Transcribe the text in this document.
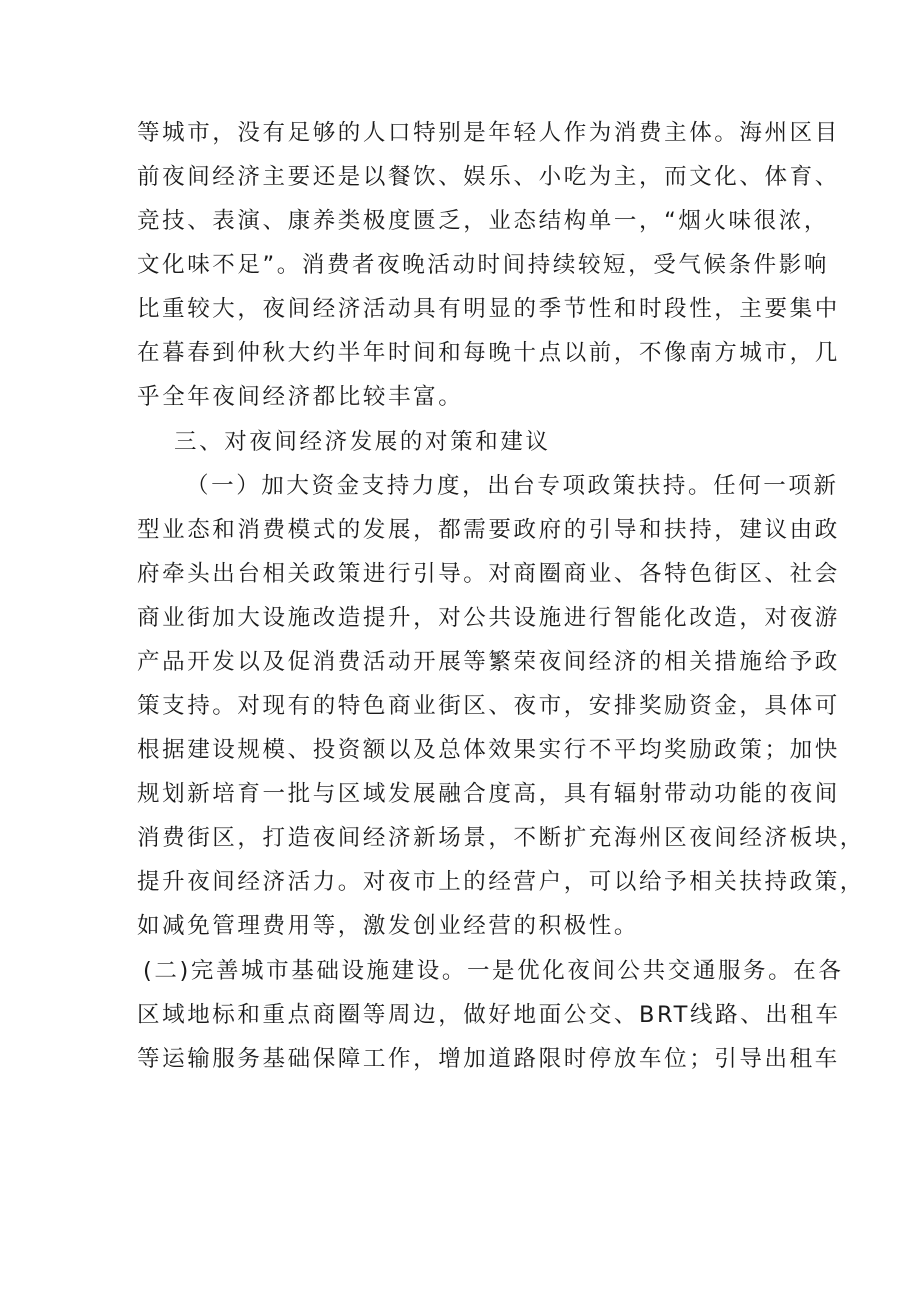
等城市，没有足够的人口特别是年轻人作为消费主体。海州区目
前夜间经济主要还是以餐饮、娱乐、小吃为主，而文化、体育、
竞技、表演、康养类极度匮乏，业态结构单一，“烟火味很浓，
文化味不足”。消费者夜晚活动时间持续较短，受气候条件影响
比重较大，夜间经济活动具有明显的季节性和时段性，主要集中
在暮春到仲秋大约半年时间和每晚十点以前，不像南方城市，几
乎全年夜间经济都比较丰富。
三、对夜间经济发展的对策和建议
（一）加大资金支持力度，出台专项政策扶持。任何一项新
型业态和消费模式的发展，都需要政府的引导和扶持，建议由政
府牵头出台相关政策进行引导。对商圈商业、各特色街区、社会
商业街加大设施改造提升，对公共设施进行智能化改造，对夜游
产品开发以及促消费活动开展等繁荣夜间经济的相关措施给予政
策支持。对现有的特色商业街区、夜市，安排奖励资金，具体可
根据建设规模、投资额以及总体效果实行不平均奖励政策；加快
规划新培育一批与区域发展融合度高，具有辐射带动功能的夜间
消费街区，打造夜间经济新场景，不断扩充海州区夜间经济板块，
提升夜间经济活力。对夜市上的经营户，可以给予相关扶持政策，
如减免管理费用等，激发创业经营的积极性。
(二)完善城市基础设施建设。一是优化夜间公共交通服务。在各
区域地标和重点商圈等周边，做好地面公交、BRT线路、出租车
等运输服务基础保障工作，增加道路限时停放车位；引导出租车
